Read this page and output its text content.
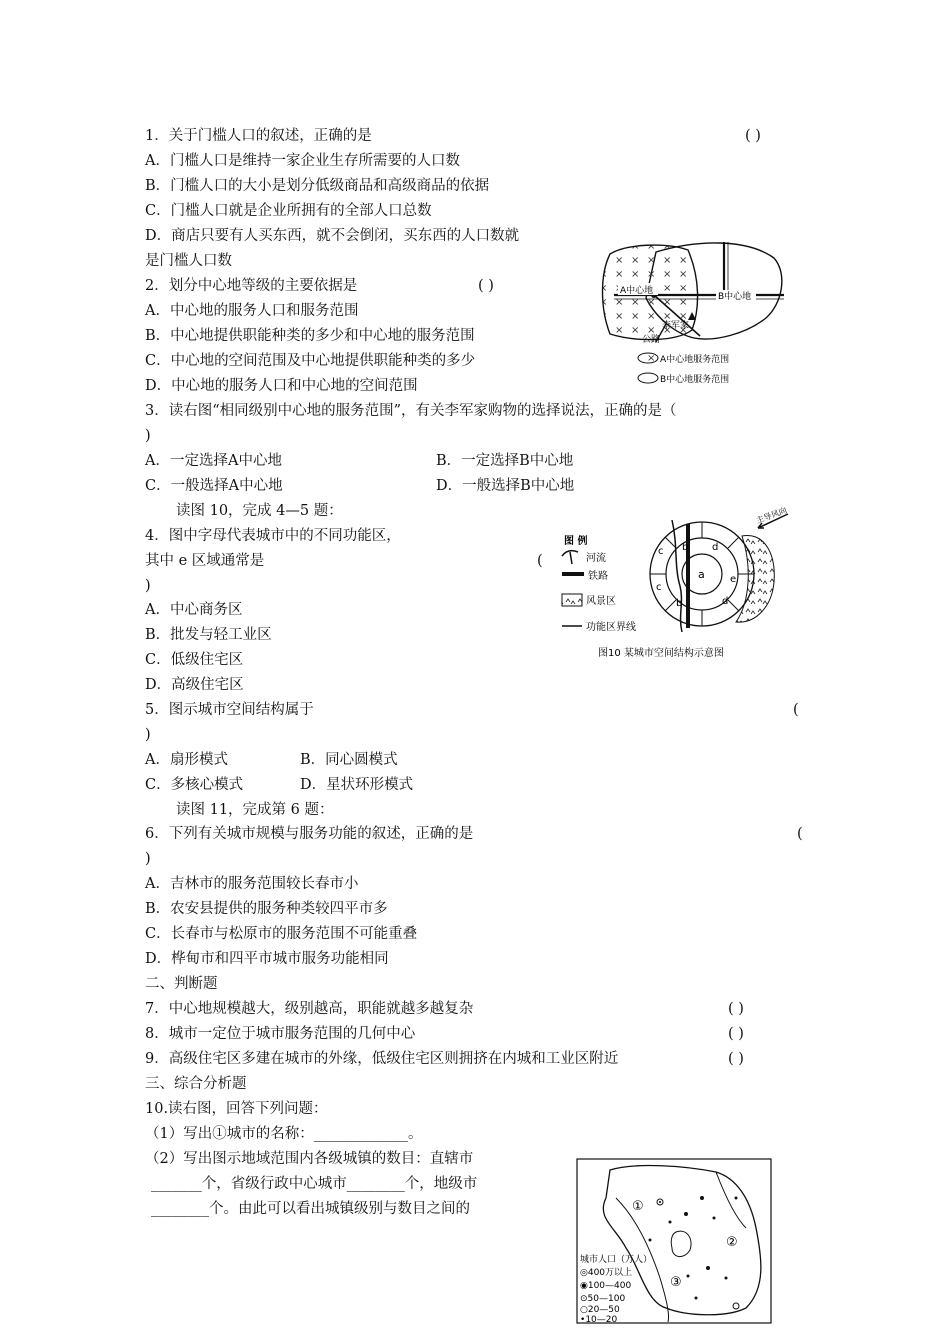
1．关于门槛人口的叙述，正确的是	( )
A．门槛人口是维持一家企业生存所需要的人口数
B．门槛人口的大小是划分低级商品和高级商品的依据
C．门槛人口就是企业所拥有的全部人口总数
D．商店只要有人买东西，就不会倒闭，买东西的人口数就
是门槛人口数
2．划分中心地等级的主要依据是	( )
A．中心地的服务人口和服务范围
B．中心地提供职能种类的多少和中心地的服务范围
C．中心地的空间范围及中心地提供职能种类的多少
D．中心地的服务人口和中心地的空间范围
3．读右图“相同级别中心地的服务范围”，有关李军家购物的选择说法，正确的是（
)
A．一定选择A中心地	B．一定选择B中心地
C．一般选择A中心地	D．一般选择B中心地
读图 10，完成 4—5 题：
4．图中字母代表城市中的不同功能区，
其中 e 区域通常是	(
)
A．中心商务区
B．批发与轻工业区
C．低级住宅区
D．高级住宅区
5．图示城市空间结构属于	(
)
A．扇形模式	B．同心圆模式
C．多核心模式	D．星状环形模式
读图 11，完成第 6 题：
6．下列有关城市规模与服务功能的叙述，正确的是	(
)
A．吉林市的服务范围较长春市小
B．农安县提供的服务种类较四平市多
C．长春市与松原市的服务范围不可能重叠
D．桦甸市和四平市城市服务功能相同
二、判断题
7．中心地规模越大，级别越高，职能就越多越复杂	( )
8．城市一定位于城市服务范围的几何中心	( )
9．高级住宅区多建在城市的外缘，低级住宅区则拥挤在内城和工业区附近	( )
三、综合分析题
10.读右图，回答下列问题：
（1）写出①城市的名称：_____________。
（2）写出图示地域范围内各级城镇的数目：直辖市
_______个，省级行政中心城市________个，地级市
________个。由此可以看出城镇级别与数目之间的
A中心地
B中心地
李军家
公路
A中心地服务范围
B中心地服务范围
图 例
河流
铁路
风景区
功能区界线
a
b
c
d
e
d
c
b
主导风向
图10 某城市空间结构示意图
①
②
③
城市人口（万人）
◎400万以上
◉100—400
⊙50—100
○20—50
•10—20
